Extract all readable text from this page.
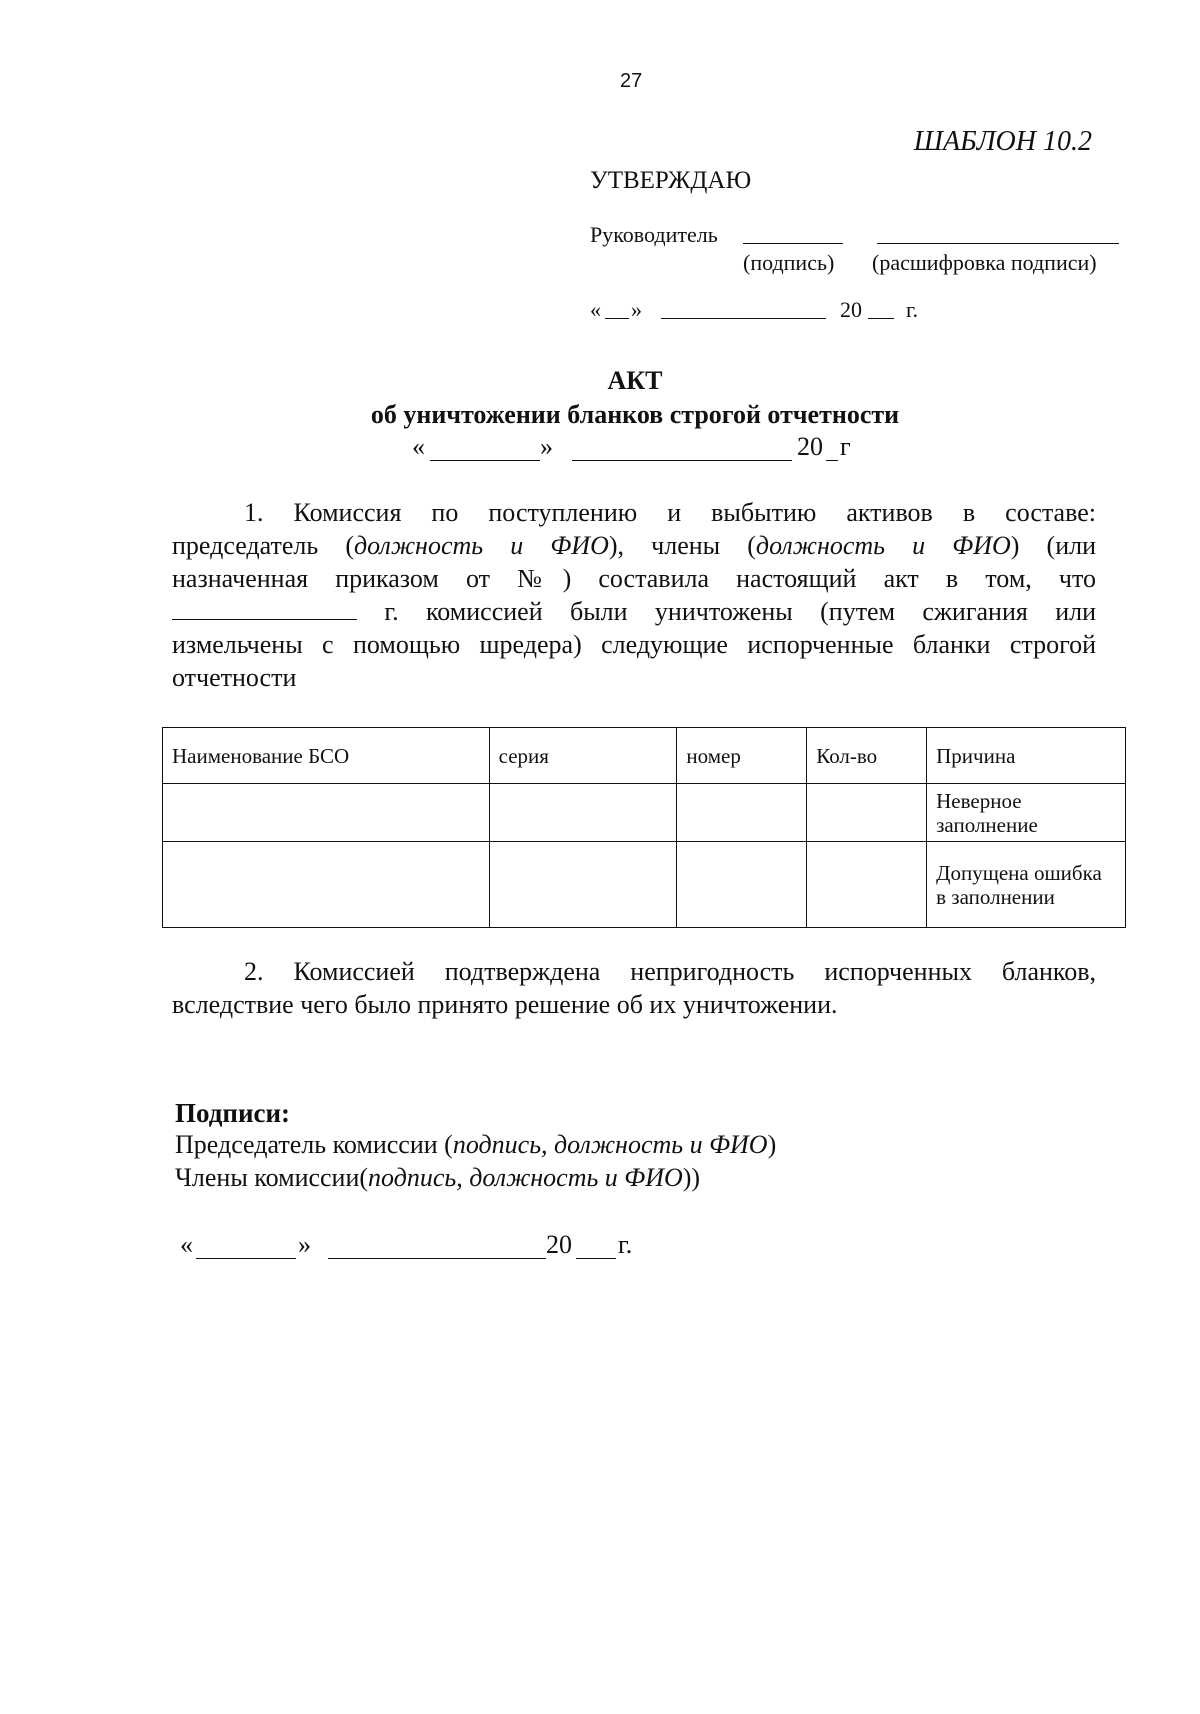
27
ШАБЛОН 10.2
УТВЕРЖДАЮ
Руководитель
(подпись) (расшифровка подписи)
« »	20 г.
АКТ
об уничтожении бланков строгой отчетности
«	»	20 г

1. Комиссия по поступлению и выбытию активов в составе:

председатель (должность и ФИО), члены (должность и ФИО) (или

назначенная приказом от №) составила настоящий акт в том, что

г. комиссией были уничтожены (путем сжигания или

измельчены с помощью шредера) следующие испорченные бланки строгой

отчетности

Наименование БСО	серия	номер	Кол-во	Причина
				Неверное заполнение
				Допущена ошибка в заполнении

2. Комиссией подтверждена непригодность испорченных бланков,

вследствие чего было принято решение об их уничтожении.

Подписи:
Председатель комиссии (подпись, должность и ФИО)
Члены комиссии(подпись, должность и ФИО))
«	»	20 г.
